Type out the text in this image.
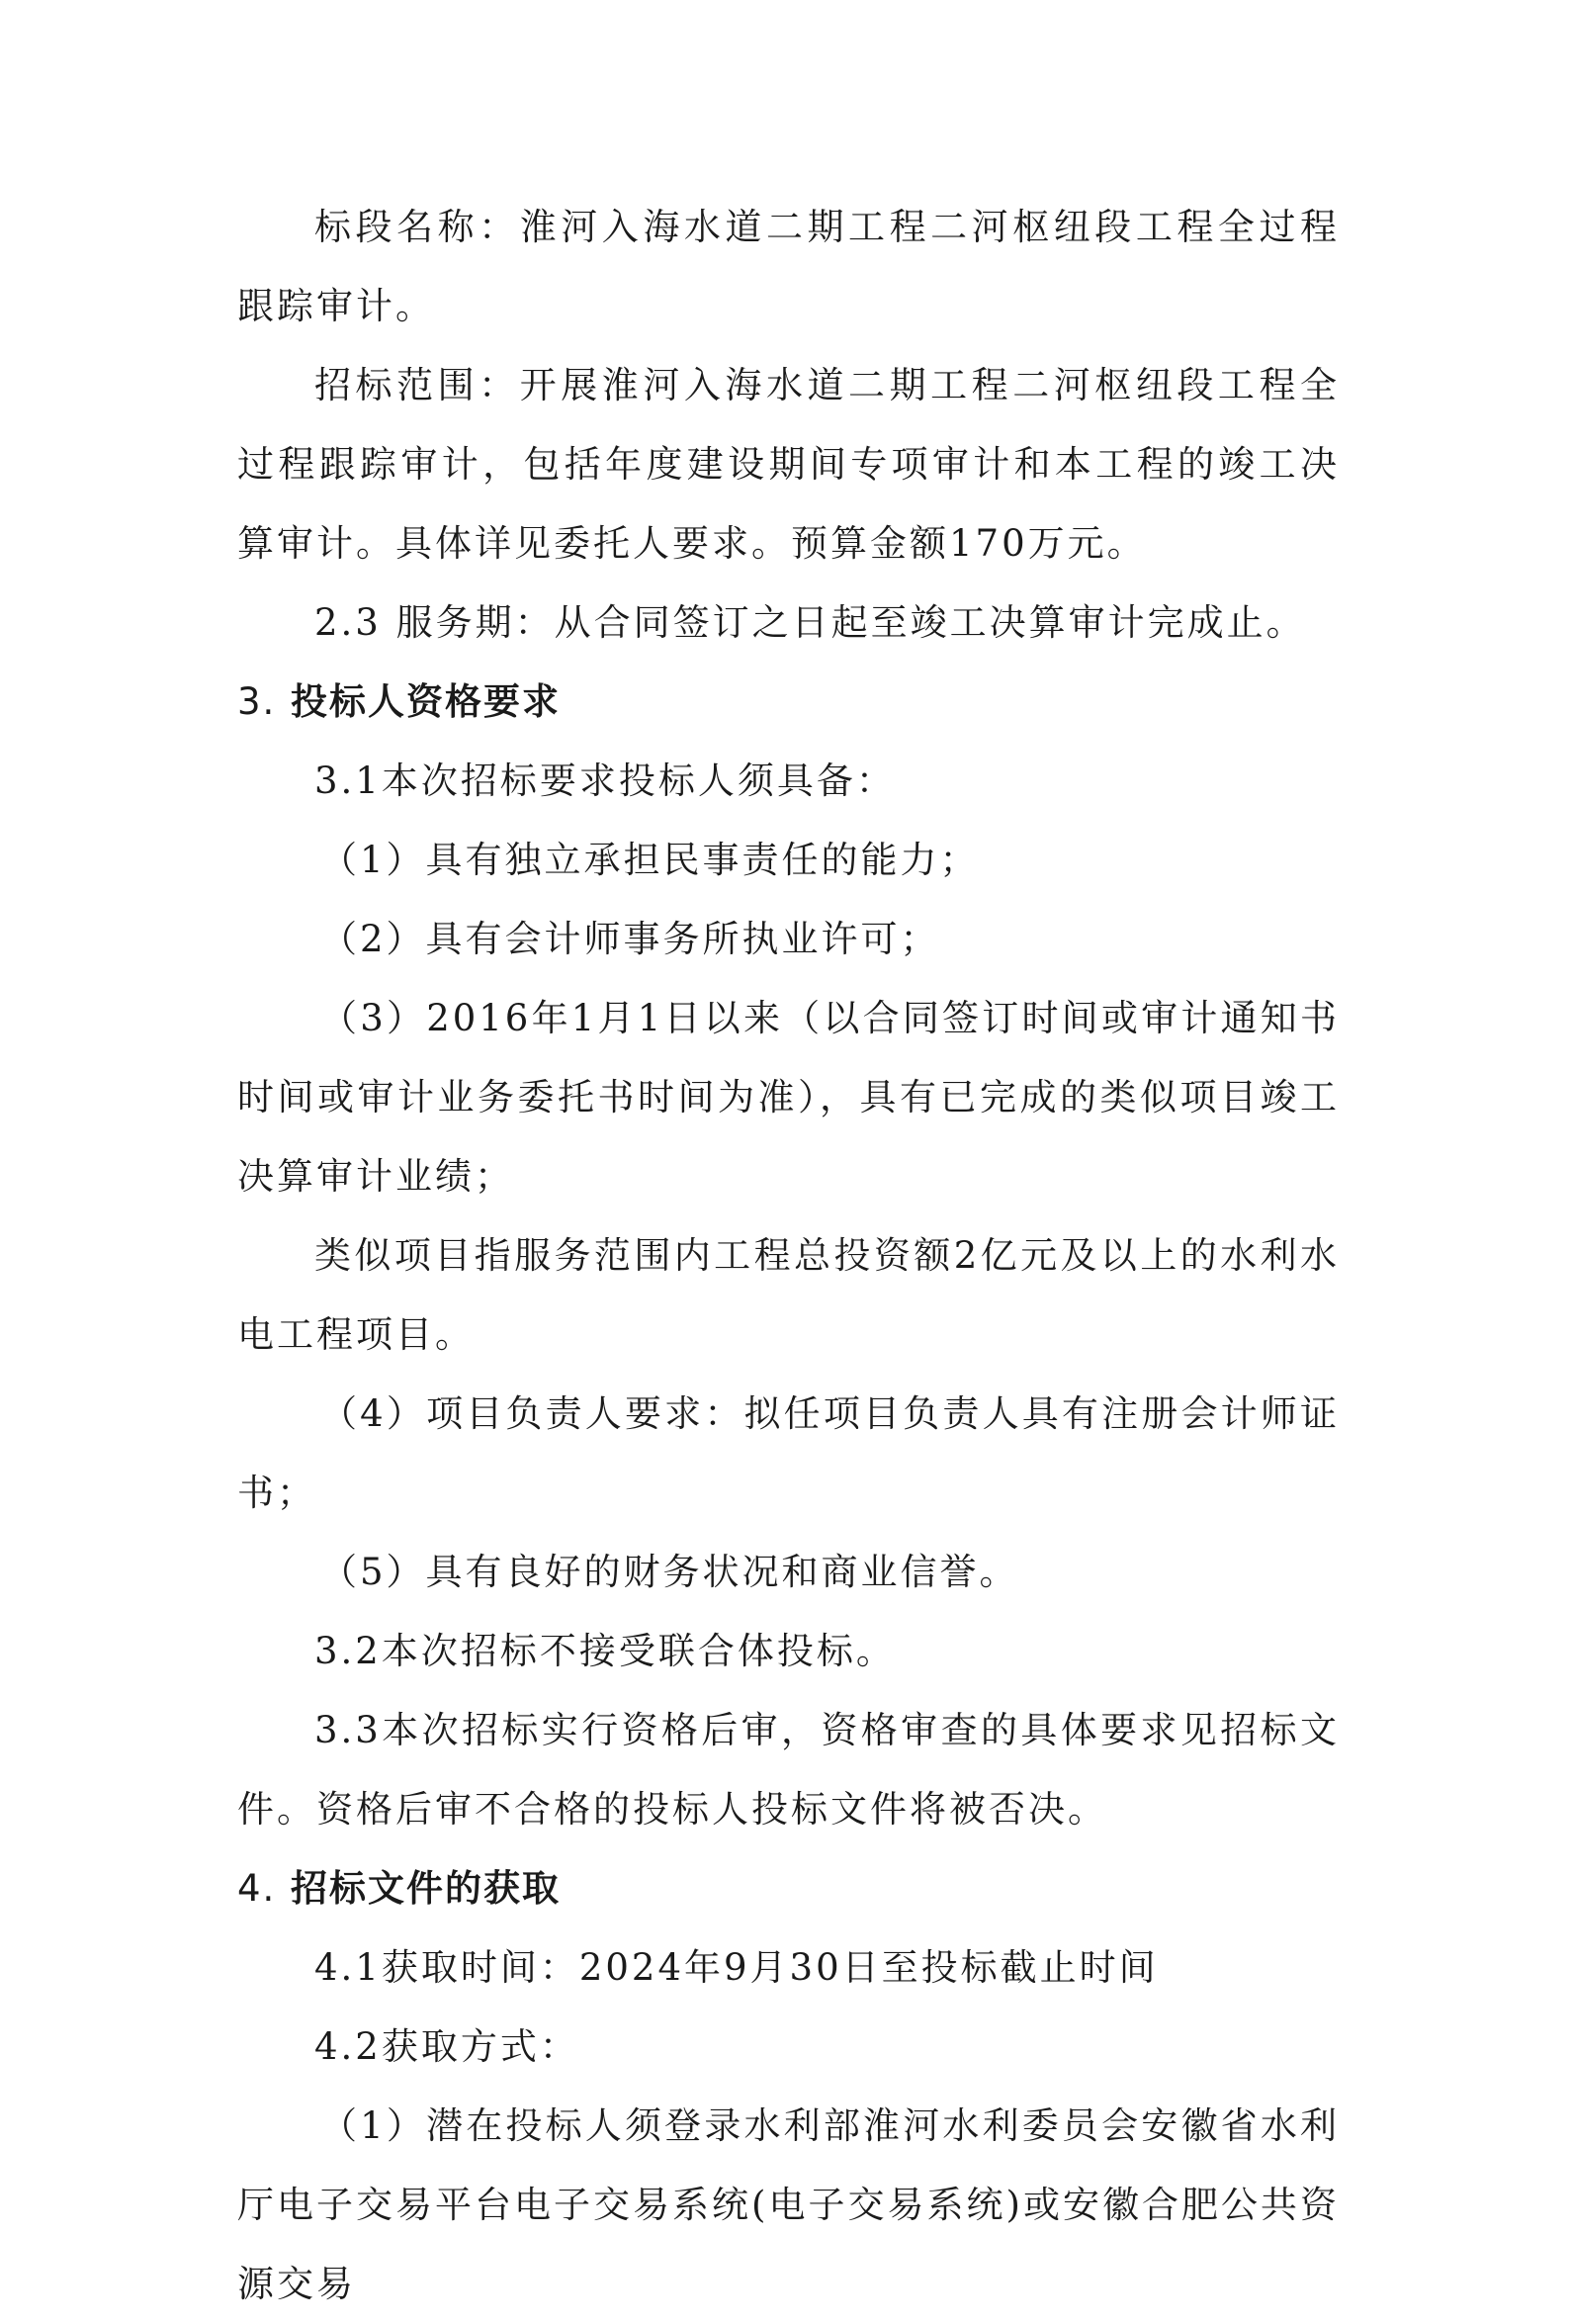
标段名称：淮河入海水道二期工程二河枢纽段工程全过程跟踪审计。

招标范围：开展淮河入海水道二期工程二河枢纽段工程全过程跟踪审计，包括年度建设期间专项审计和本工程的竣工决算审计。具体详见委托人要求。预算金额170万元。

2.3 服务期：从合同签订之日起至竣工决算审计完成止。

3. 投标人资格要求

3.1本次招标要求投标人须具备：

（1）具有独立承担民事责任的能力；

（2）具有会计师事务所执业许可；

（3）2016年1月1日以来（以合同签订时间或审计通知书时间或审计业务委托书时间为准），具有已完成的类似项目竣工决算审计业绩；

类似项目指服务范围内工程总投资额2亿元及以上的水利水电工程项目。

（4）项目负责人要求：拟任项目负责人具有注册会计师证书；

（5）具有良好的财务状况和商业信誉。

3.2本次招标不接受联合体投标。

3.3本次招标实行资格后审，资格审查的具体要求见招标文件。资格后审不合格的投标人投标文件将被否决。

4. 招标文件的获取

4.1获取时间：2024年9月30日至投标截止时间

4.2获取方式：

（1）潜在投标人须登录水利部淮河水利委员会安徽省水利厅电子交易平台电子交易系统(电子交易系统)或安徽合肥公共资源交易
